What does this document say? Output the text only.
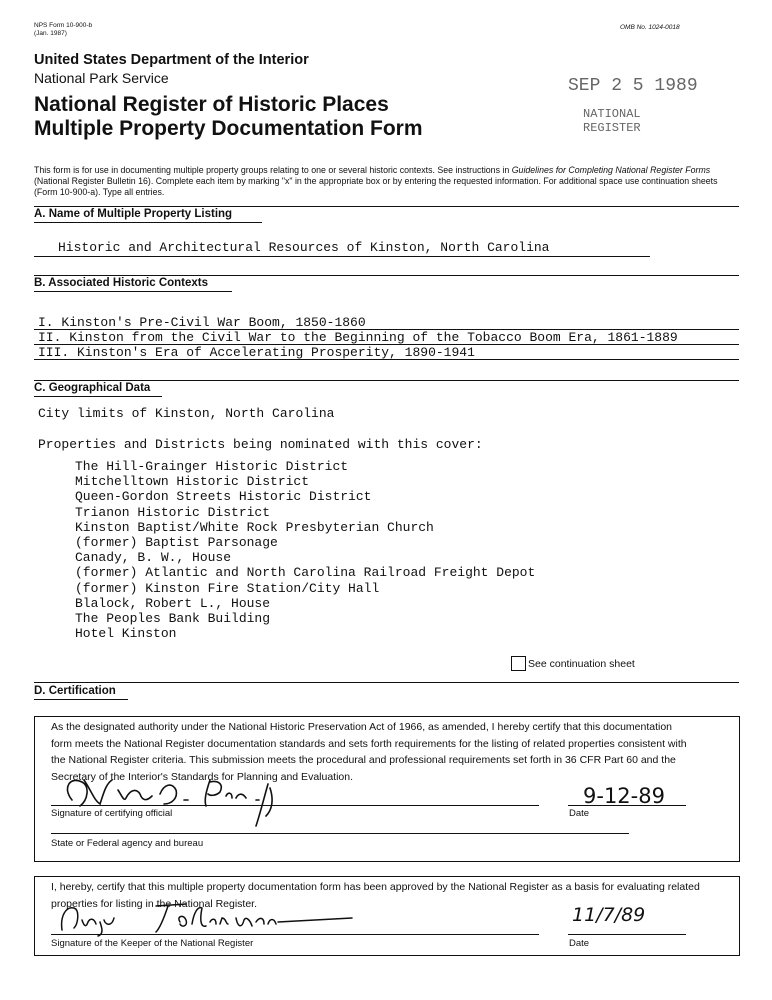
NPS Form 10-900-b
(Jan. 1987)
OMB No. 1024-0018
United States Department of the Interior
National Park Service
National Register of Historic Places
Multiple Property Documentation Form
SEP 2 5 1989
NATIONAL
REGISTER
This form is for use in documenting multiple property groups relating to one or several historic contexts. See instructions in Guidelines for Completing National Register Forms (National Register Bulletin 16). Complete each item by marking "x" in the appropriate box or by entering the requested information. For additional space use continuation sheets (Form 10-900-a). Type all entries.
A. Name of Multiple Property Listing
Historic and Architectural Resources of Kinston, North Carolina
B. Associated Historic Contexts
I. Kinston's Pre-Civil War Boom, 1850-1860
II. Kinston from the Civil War to the Beginning of the Tobacco Boom Era, 1861-1889
III. Kinston's Era of Accelerating Prosperity, 1890-1941
C. Geographical Data
City limits of Kinston, North Carolina
Properties and Districts being nominated with this cover:
The Hill-Grainger Historic District
Mitchelltown Historic District
Queen-Gordon Streets Historic District
Trianon Historic District
Kinston Baptist/White Rock Presbyterian Church
(former) Baptist Parsonage
Canady, B. W., House
(former) Atlantic and North Carolina Railroad Freight Depot
(former) Kinston Fire Station/City Hall
Blalock, Robert L., House
The Peoples Bank Building
Hotel Kinston
See continuation sheet
D. Certification
As the designated authority under the National Historic Preservation Act of 1966, as amended, I hereby certify that this documentation form meets the National Register documentation standards and sets forth requirements for the listing of related properties consistent with the National Register criteria. This submission meets the procedural and professional requirements set forth in 36 CFR Part 60 and the Secretary of the Interior's Standards for Planning and Evaluation.
9-12-89
Signature of certifying official	Date
State or Federal agency and bureau
I, hereby, certify that this multiple property documentation form has been approved by the National Register as a basis for evaluating related properties for listing in the National Register.
11/7/89
Signature of the Keeper of the National Register	Date
